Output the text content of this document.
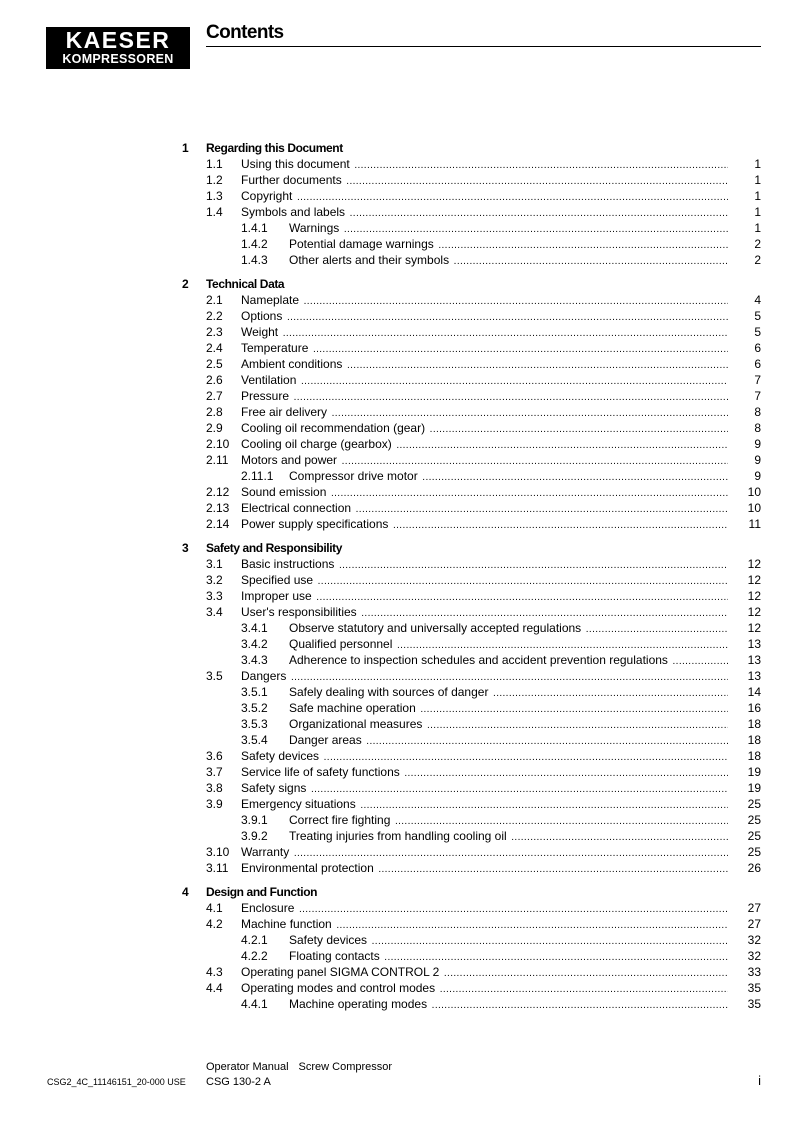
KAESER
KOMPRESSOREN
Contents
1 Regarding this Document
1.1 Using this document . . .	1
1.2 Further documents . . .	1
1.3 Copyright . . .	1
1.4 Symbols and labels . . .	1
1.4.1 Warnings . . .	1
1.4.2 Potential damage warnings . . .	2
1.4.3 Other alerts and their symbols . . .	2
2 Technical Data
2.1 Nameplate . . .	4
2.2 Options . . .	5
2.3 Weight . . .	5
2.4 Temperature . . .	6
2.5 Ambient conditions . . .	6
2.6 Ventilation . . .	7
2.7 Pressure . . .	7
2.8 Free air delivery . . .	8
2.9 Cooling oil recommendation (gear) . . .	8
2.10 Cooling oil charge (gearbox) . . .	9
2.11 Motors and power . . .	9
2.11.1 Compressor drive motor . . .	9
2.12 Sound emission . . .	10
2.13 Electrical connection . . .	10
2.14 Power supply specifications . . .	11
3 Safety and Responsibility
3.1 Basic instructions . . .	12
3.2 Specified use . . .	12
3.3 Improper use . . .	12
3.4 User's responsibilities . . .	12
3.4.1 Observe statutory and universally accepted regulations . . .	12
3.4.2 Qualified personnel . . .	13
3.4.3 Adherence to inspection schedules and accident prevention regulations . . .	13
3.5 Dangers . . .	13
3.5.1 Safely dealing with sources of danger . . .	14
3.5.2 Safe machine operation . . .	16
3.5.3 Organizational measures . . .	18
3.5.4 Danger areas . . .	18
3.6 Safety devices . . .	18
3.7 Service life of safety functions . . .	19
3.8 Safety signs . . .	19
3.9 Emergency situations . . .	25
3.9.1 Correct fire fighting . . .	25
3.9.2 Treating injuries from handling cooling oil . . .	25
3.10 Warranty . . .	25
3.11 Environmental protection . . .	26
4 Design and Function
4.1 Enclosure . . .	27
4.2 Machine function . . .	27
4.2.1 Safety devices . . .	32
4.2.2 Floating contacts . . .	32
4.3 Operating panel SIGMA CONTROL 2 . . .	33
4.4 Operating modes and control modes . . .	35
4.4.1 Machine operating modes . . .	35
Operator Manual Screw Compressor
CSG2_4C_11146151_20-000 USE CSG 130-2 A	i
